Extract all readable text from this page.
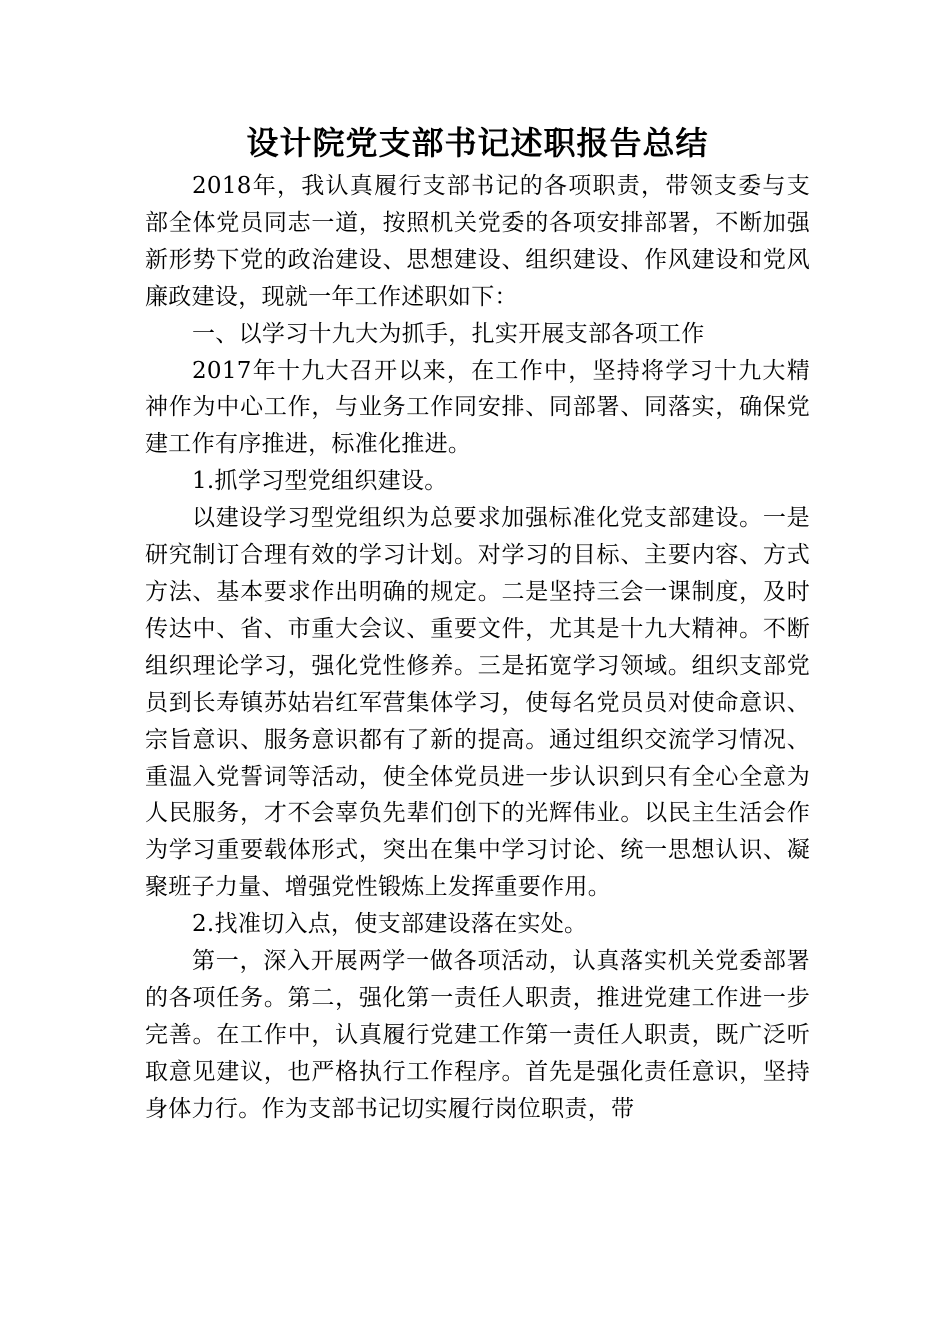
设计院党支部书记述职报告总结

2018年，我认真履行支部书记的各项职责，带领支委与支部全体党员同志一道，按照机关党委的各项安排部署，不断加强新形势下党的政治建设、思想建设、组织建设、作风建设和党风廉政建设，现就一年工作述职如下：

一、以学习十九大为抓手，扎实开展支部各项工作

2017年十九大召开以来，在工作中，坚持将学习十九大精神作为中心工作，与业务工作同安排、同部署、同落实，确保党建工作有序推进，标准化推进。

1.抓学习型党组织建设。

以建设学习型党组织为总要求加强标准化党支部建设。一是研究制订合理有效的学习计划。对学习的目标、主要内容、方式方法、基本要求作出明确的规定。二是坚持三会一课制度，及时传达中、省、市重大会议、重要文件，尤其是十九大精神。不断组织理论学习，强化党性修养。三是拓宽学习领域。组织支部党员到长寿镇苏姑岩红军营集体学习，使每名党员员对使命意识、宗旨意识、服务意识都有了新的提高。通过组织交流学习情况、重温入党誓词等活动，使全体党员进一步认识到只有全心全意为人民服务，才不会辜负先辈们创下的光辉伟业。以民主生活会作为学习重要载体形式，突出在集中学习讨论、统一思想认识、凝聚班子力量、增强党性锻炼上发挥重要作用。

2.找准切入点，使支部建设落在实处。

第一，深入开展两学一做各项活动，认真落实机关党委部署的各项任务。第二，强化第一责任人职责，推进党建工作进一步完善。在工作中，认真履行党建工作第一责任人职责，既广泛听取意见建议，也严格执行工作程序。首先是强化责任意识，坚持身体力行。作为支部书记切实履行岗位职责，带
